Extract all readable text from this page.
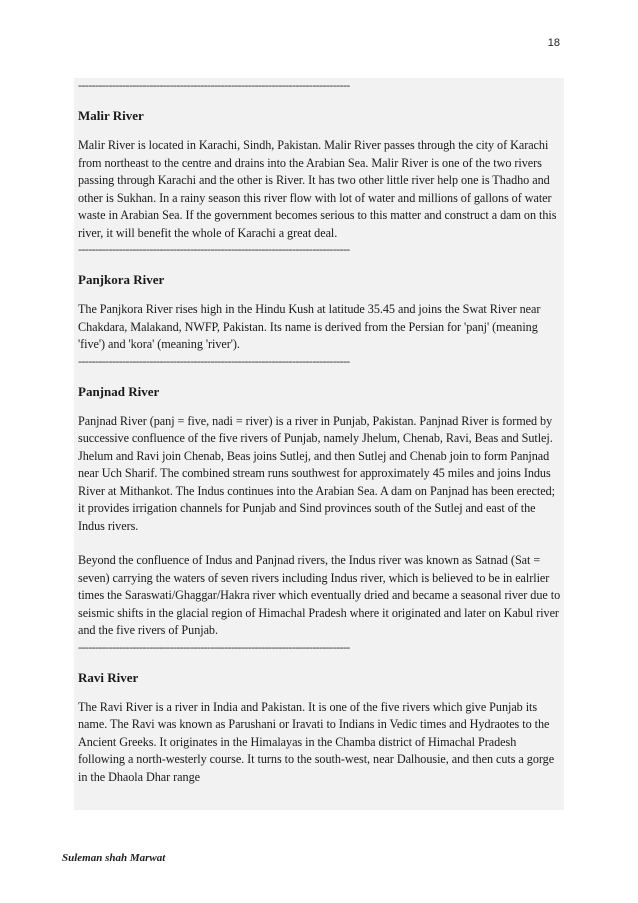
18

--------------------------------------------------------------------------------

Malir River

Malir River is located in Karachi, Sindh, Pakistan. Malir River passes through the city of Karachi from northeast to the centre and drains into the Arabian Sea. Malir River is one of the two rivers passing through Karachi and the other is River. It has two other little river help one is Thadho and other is Sukhan. In a rainy season this river flow with lot of water and millions of gallons of water waste in Arabian Sea. If the government becomes serious to this matter and construct a dam on this river, it will benefit the whole of Karachi a great deal.

--------------------------------------------------------------------------------

Panjkora River

The Panjkora River rises high in the Hindu Kush at latitude 35.45 and joins the Swat River near Chakdara, Malakand, NWFP, Pakistan. Its name is derived from the Persian for 'panj' (meaning 'five') and 'kora' (meaning 'river').

--------------------------------------------------------------------------------

Panjnad River

Panjnad River (panj = five, nadi = river) is a river in Punjab, Pakistan. Panjnad River is formed by successive confluence of the five rivers of Punjab, namely Jhelum, Chenab, Ravi, Beas and Sutlej. Jhelum and Ravi join Chenab, Beas joins Sutlej, and then Sutlej and Chenab join to form Panjnad near Uch Sharif. The combined stream runs southwest for approximately 45 miles and joins Indus River at Mithankot. The Indus continues into the Arabian Sea. A dam on Panjnad has been erected; it provides irrigation channels for Punjab and Sind provinces south of the Sutlej and east of the Indus rivers.

Beyond the confluence of Indus and Panjnad rivers, the Indus river was known as Satnad (Sat = seven) carrying the waters of seven rivers including Indus river, which is believed to be in ealrlier times the Saraswati/Ghaggar/Hakra river which eventually dried and became a seasonal river due to seismic shifts in the glacial region of Himachal Pradesh where it originated and later on Kabul river and the five rivers of Punjab.

--------------------------------------------------------------------------------

Ravi River

The Ravi River is a river in India and Pakistan. It is one of the five rivers which give Punjab its name. The Ravi was known as Parushani or Iravati to Indians in Vedic times and Hydraotes to the Ancient Greeks. It originates in the Himalayas in the Chamba district of Himachal Pradesh following a north-westerly course. It turns to the south-west, near Dalhousie, and then cuts a gorge in the Dhaola Dhar range

Suleman shah Marwat
